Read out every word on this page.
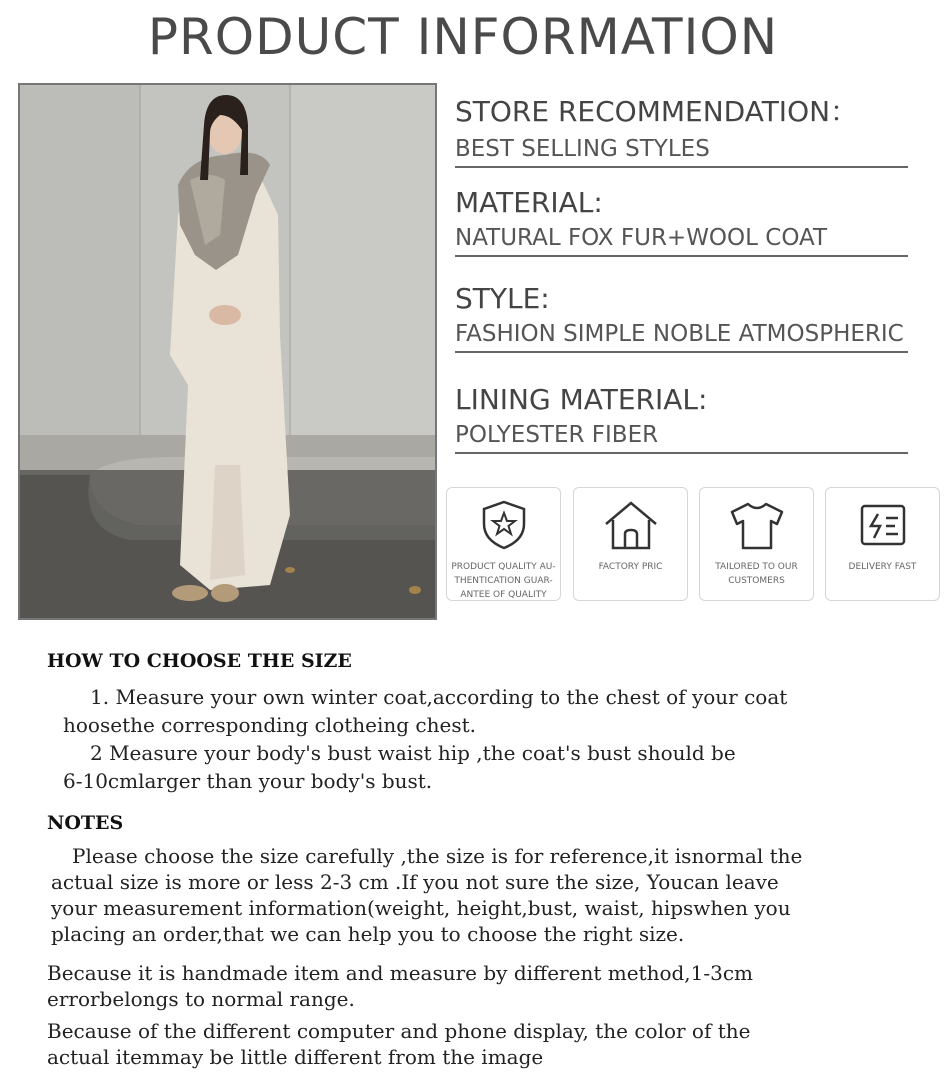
PRODUCT INFORMATION

STORE RECOMMENDATION：

BEST SELLING STYLES

MATERIAL:

NATURAL FOX FUR+WOOL COAT

STYLE:

FASHION SIMPLE NOBLE ATMOSPHERIC

LINING MATERIAL:

POLYESTER FIBER

PRODUCT QUALITY AU-
THENTICATION GUAR-
ANTEE OF QUALITY
FACTORY PRIC	TAILORED TO OUR
CUSTOMERS
DELIVERY FAST

HOW TO CHOOSE THE SIZE

1. Measure your own winter coat,according to the chest of your coat

hoosethe corresponding clotheing chest.

2 Measure your body's bust waist hip ,the coat's bust should be

6-10cmlarger than your body's bust.

NOTES

Please choose the size carefully ,the size is for reference,it isnormal the

actual size is more or less 2-3 cm .If you not sure the size, Youcan leave

your measurement information(weight, height,bust, waist, hipswhen you

placing an order,that we can help you to choose the right size.

Because it is handmade item and measure by different method,1-3cm

errorbelongs to normal range.

Because of the different computer and phone display, the color of the

actual itemmay be little different from the image
